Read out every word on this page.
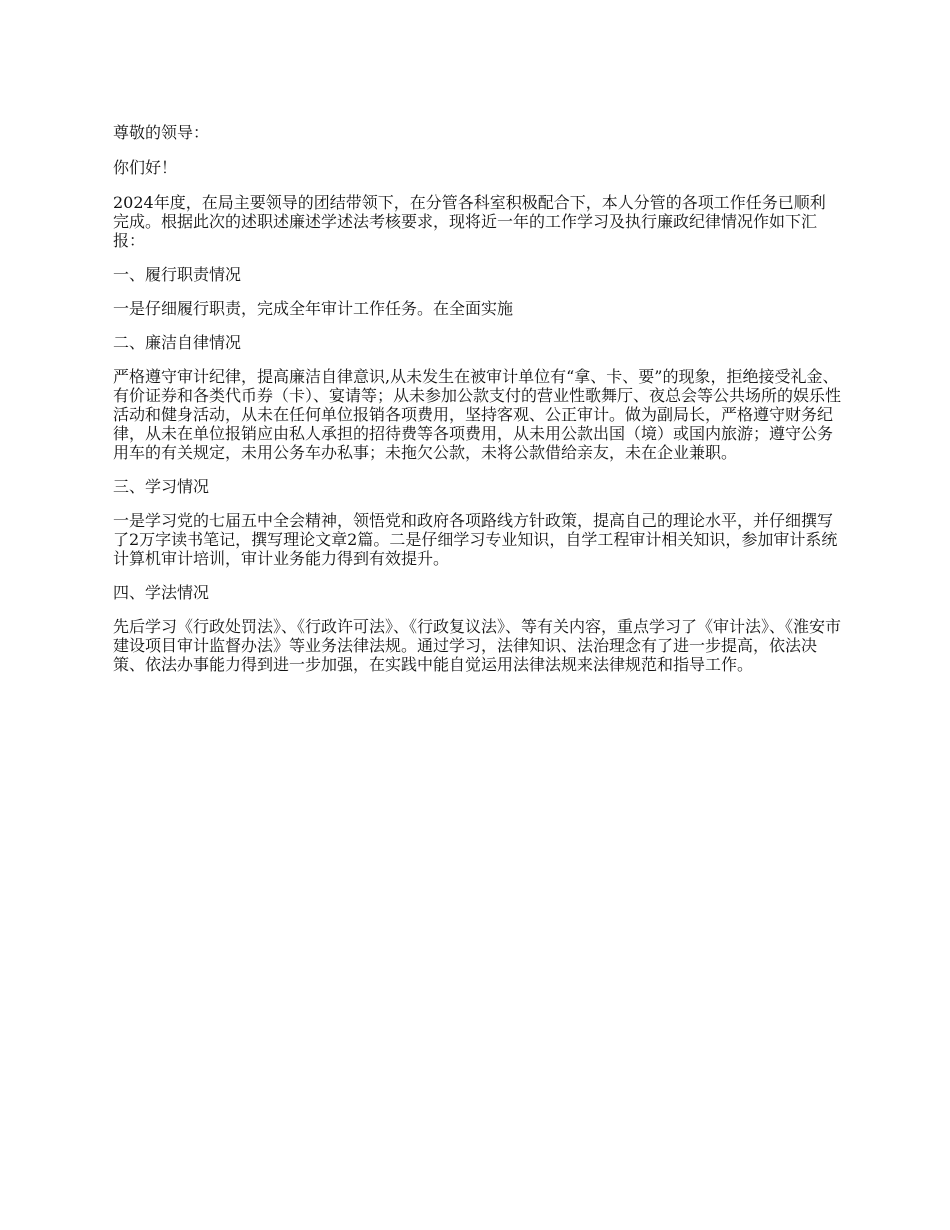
尊敬的领导：

你们好！

2024年度，在局主要领导的团结带领下，在分管各科室积极配合下，本人分管的各项工作任务已顺利完成。根据此次的述职述廉述学述法考核要求，现将近一年的工作学习及执行廉政纪律情况作如下汇报：

一、履行职责情况

一是仔细履行职责，完成全年审计工作任务。在全面实施

二、廉洁自律情况

严格遵守审计纪律，提高廉洁自律意识,从未发生在被审计单位有“拿、卡、要”的现象，拒绝接受礼金、有价证券和各类代币券（卡）、宴请等；从未参加公款支付的营业性歌舞厅、夜总会等公共场所的娱乐性活动和健身活动，从未在任何单位报销各项费用，坚持客观、公正审计。做为副局长，严格遵守财务纪律，从未在单位报销应由私人承担的招待费等各项费用，从未用公款出国（境）或国内旅游；遵守公务用车的有关规定，未用公务车办私事；未拖欠公款，未将公款借给亲友，未在企业兼职。

三、学习情况

一是学习党的七届五中全会精神，领悟党和政府各项路线方针政策，提高自己的理论水平，并仔细撰写了2万字读书笔记，撰写理论文章2篇。二是仔细学习专业知识，自学工程审计相关知识，参加审计系统计算机审计培训，审计业务能力得到有效提升。

四、学法情况

先后学习《行政处罚法》、《行政许可法》、《行政复议法》、等有关内容，重点学习了《审计法》、《淮安市建设项目审计监督办法》等业务法律法规。通过学习，法律知识、法治理念有了进一步提高，依法决策、依法办事能力得到进一步加强，在实践中能自觉运用法律法规来法律规范和指导工作。
